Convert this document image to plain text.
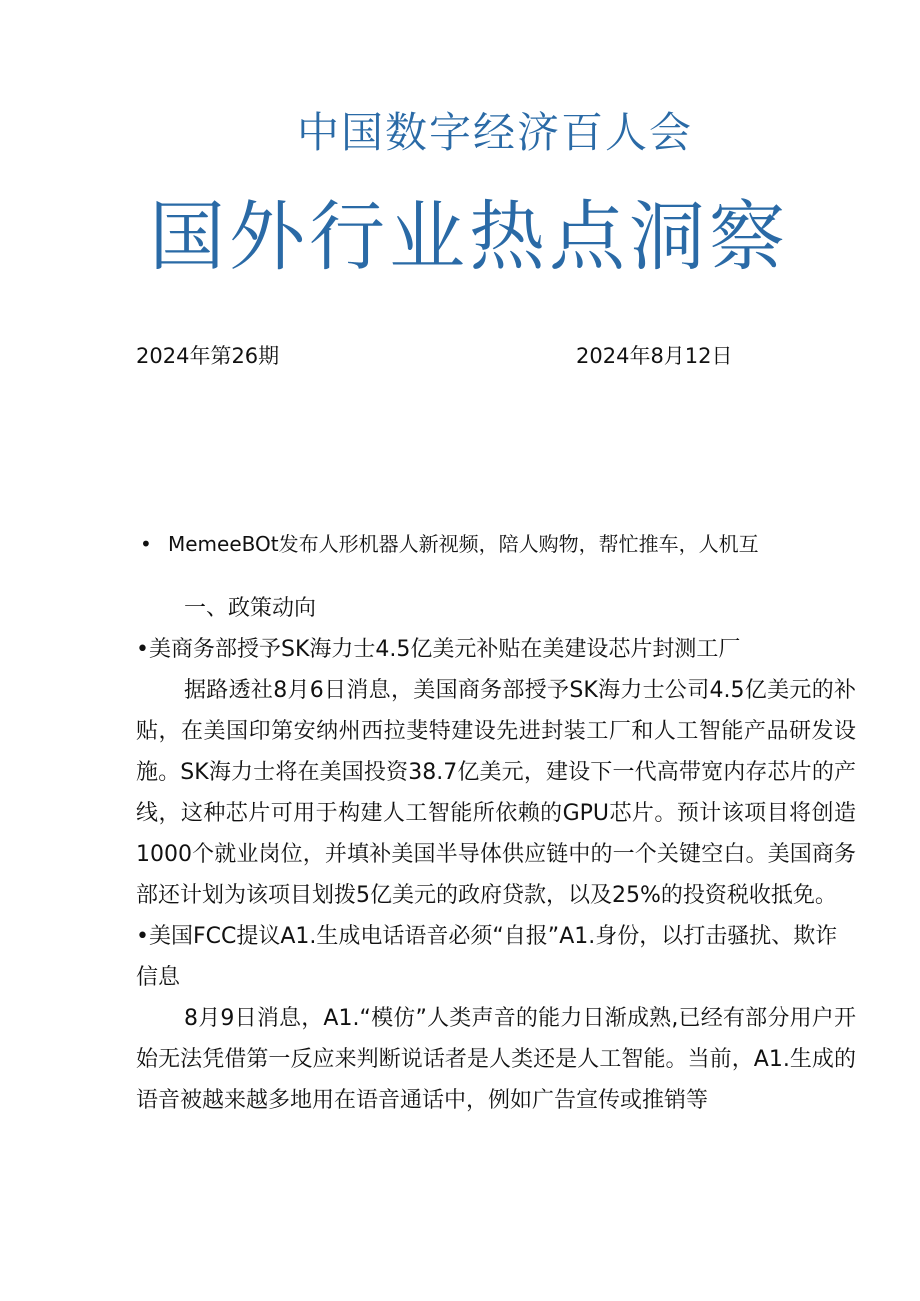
中国数字经济百人会
国外行业热点洞察
2024年第26期	2024年8月12日
• MemeeBOt发布人形机器人新视频，陪人购物，帮忙推车，人机互

一、政策动向

•美商务部授予SK海力士4.5亿美元补贴在美建设芯片封测工厂

据路透社8月6日消息，美国商务部授予SK海力士公司4.5亿美元的补贴，在美国印第安纳州西拉斐特建设先进封装工厂和人工智能产品研发设施。SK海力士将在美国投资38.7亿美元，建设下一代高带宽内存芯片的产线，这种芯片可用于构建人工智能所依赖的GPU芯片。预计该项目将创造1000个就业岗位，并填补美国半导体供应链中的一个关键空白。美国商务部还计划为该项目划拨5亿美元的政府贷款，以及25%的投资税收抵免。

•美国FCC提议A1.生成电话语音必须“自报”A1.身份，以打击骚扰、欺诈信息

8月9日消息，A1.“模仿”人类声音的能力日渐成熟,已经有部分用户开始无法凭借第一反应来判断说话者是人类还是人工智能。当前，A1.生成的语音被越来越多地用在语音通话中，例如广告宣传或推销等
